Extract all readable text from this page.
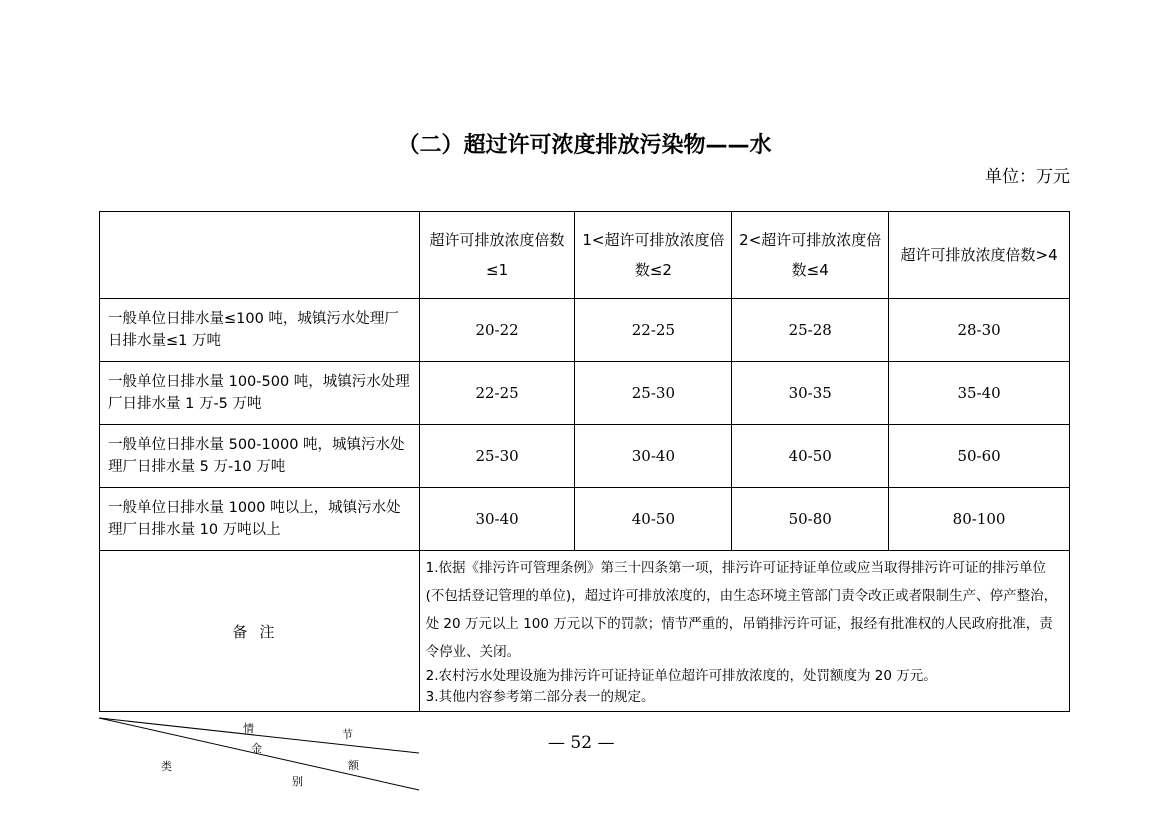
（二）超过许可浓度排放污染物——水
单位：万元
	超许可排放浓度倍数≤1	1<超许可排放浓度倍数≤2	2<超许可排放浓度倍数≤4	超许可排放浓度倍数>4
一般单位日排水量≤100 吨，城镇污水处理厂日排水量≤1 万吨	20-22	22-25	25-28	28-30
一般单位日排水量 100-500 吨，城镇污水处理厂日排水量 1 万-5 万吨	22-25	25-30	30-35	35-40
一般单位日排水量 500-1000 吨，城镇污水处理厂日排水量 5 万-10 万吨	25-30	30-40	40-50	50-60
一般单位日排水量 1000 吨以上，城镇污水处理厂日排水量 10 万吨以上	30-40	40-50	50-80	80-100
备注	1.依据《排污许可管理条例》第三十四条第一项，排污许可证持证单位或应当取得排污许可证的排污单位(不包括登记管理的单位)，超过许可排放浓度的，由生态环境主管部门责令改正或者限制生产、停产整治，处 20 万元以上 100 万元以下的罚款；情节严重的，吊销排污许可证，报经有批准权的人民政府批准，责令停业、关闭。
2.农村污水处理设施为排污许可证持证单位超许可排放浓度的，处罚额度为 20 万元。
3.其他内容参考第二部分表一的规定。			
情	节
金
额
类
别
— 52 —
